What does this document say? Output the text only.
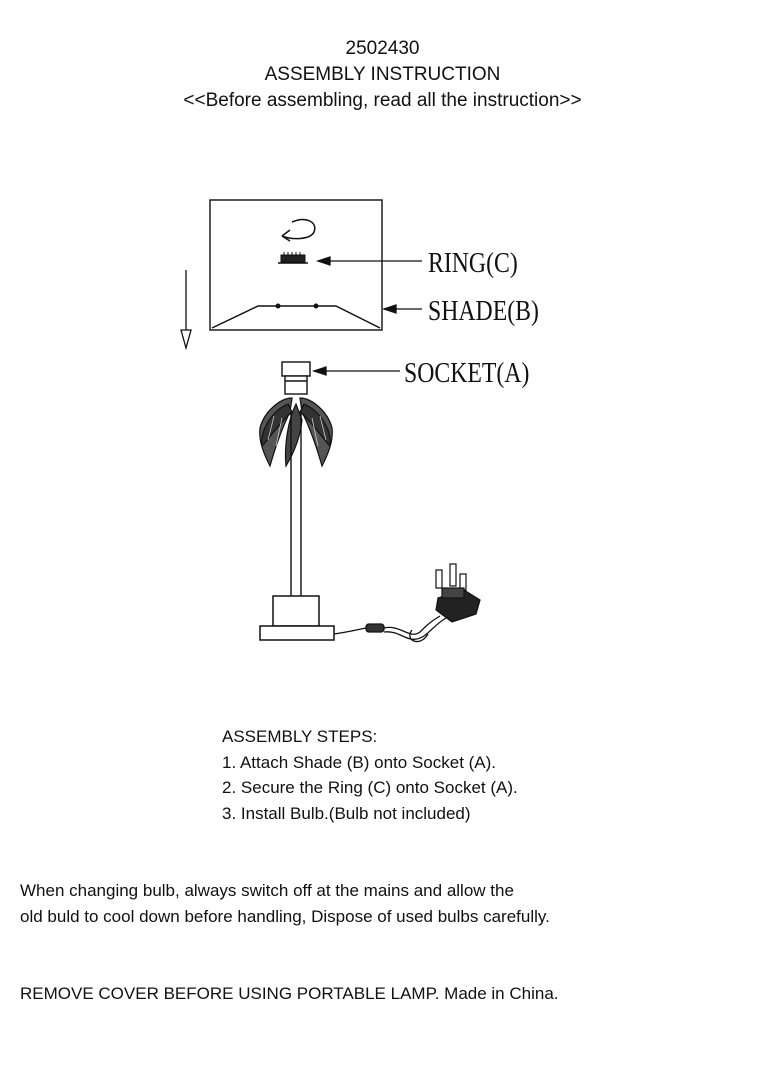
2502430
ASSEMBLY INSTRUCTION
<<Before assembling, read all the instruction>>
RING(C)
SHADE(B)
SOCKET(A)
ASSEMBLY STEPS:
1. Attach Shade (B) onto Socket (A).
2. Secure the Ring (C) onto Socket (A).
3. Install Bulb.(Bulb not included)
When changing bulb, always switch off at the mains and allow the
old buld to cool down before handling, Dispose of used bulbs carefully.
REMOVE COVER BEFORE USING PORTABLE LAMP. Made in China.
